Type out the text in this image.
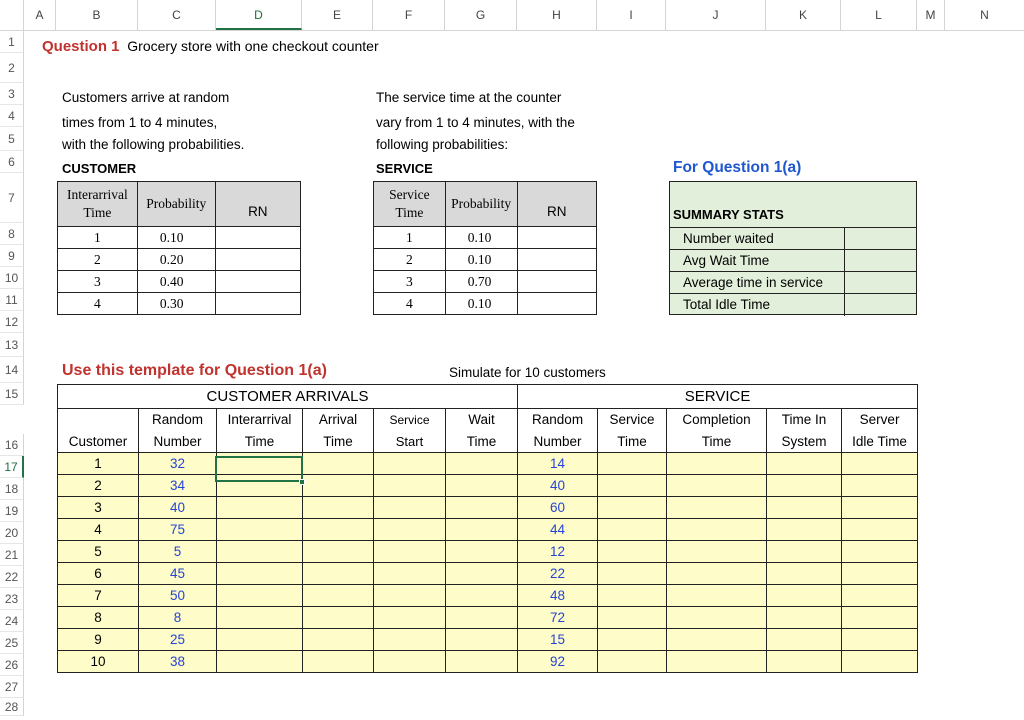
A	B	C	D	E	F	G	H	I	J	K	L	M	N
1
2
3
4
5
6
7
8
9
10
11
12
13
14
15
16
17
18
19
20
21
22
23
24
25
26
27
28
Question 1 Grocery store with one checkout counter
Customers arrive at random
times from 1 to 4 minutes,
with the following probabilities.
CUSTOMER
The service time at the counter
vary from 1 to 4 minutes, with the
following probabilities:
SERVICE
Interarrival Time	Probability	RN
1	0.10	
2	0.20	
3	0.40	
4	0.30	
Service Time	Probability	RN
1	0.10	
2	0.10	
3	0.70	
4	0.10	
For Question 1(a)
SUMMARY STATS
Number waited	
Avg Wait Time	
Average time in service	
Total Idle Time	
Use this template for Question 1(a)	Simulate for 10 customers
CUSTOMER ARRIVALS						SERVICE				
	Random	Interarrival	Arrival	Service	Wait	Random	Service	Completion	Time In	Server
Customer	Number	Time	Time	Start	Time	Number	Time	Time	System	Idle Time
1	32					14				
2	34					40				
3	40					60				
4	75					44				
5	5					12				
6	45					22				
7	50					48				
8	8					72				
9	25					15				
10	38					92				
